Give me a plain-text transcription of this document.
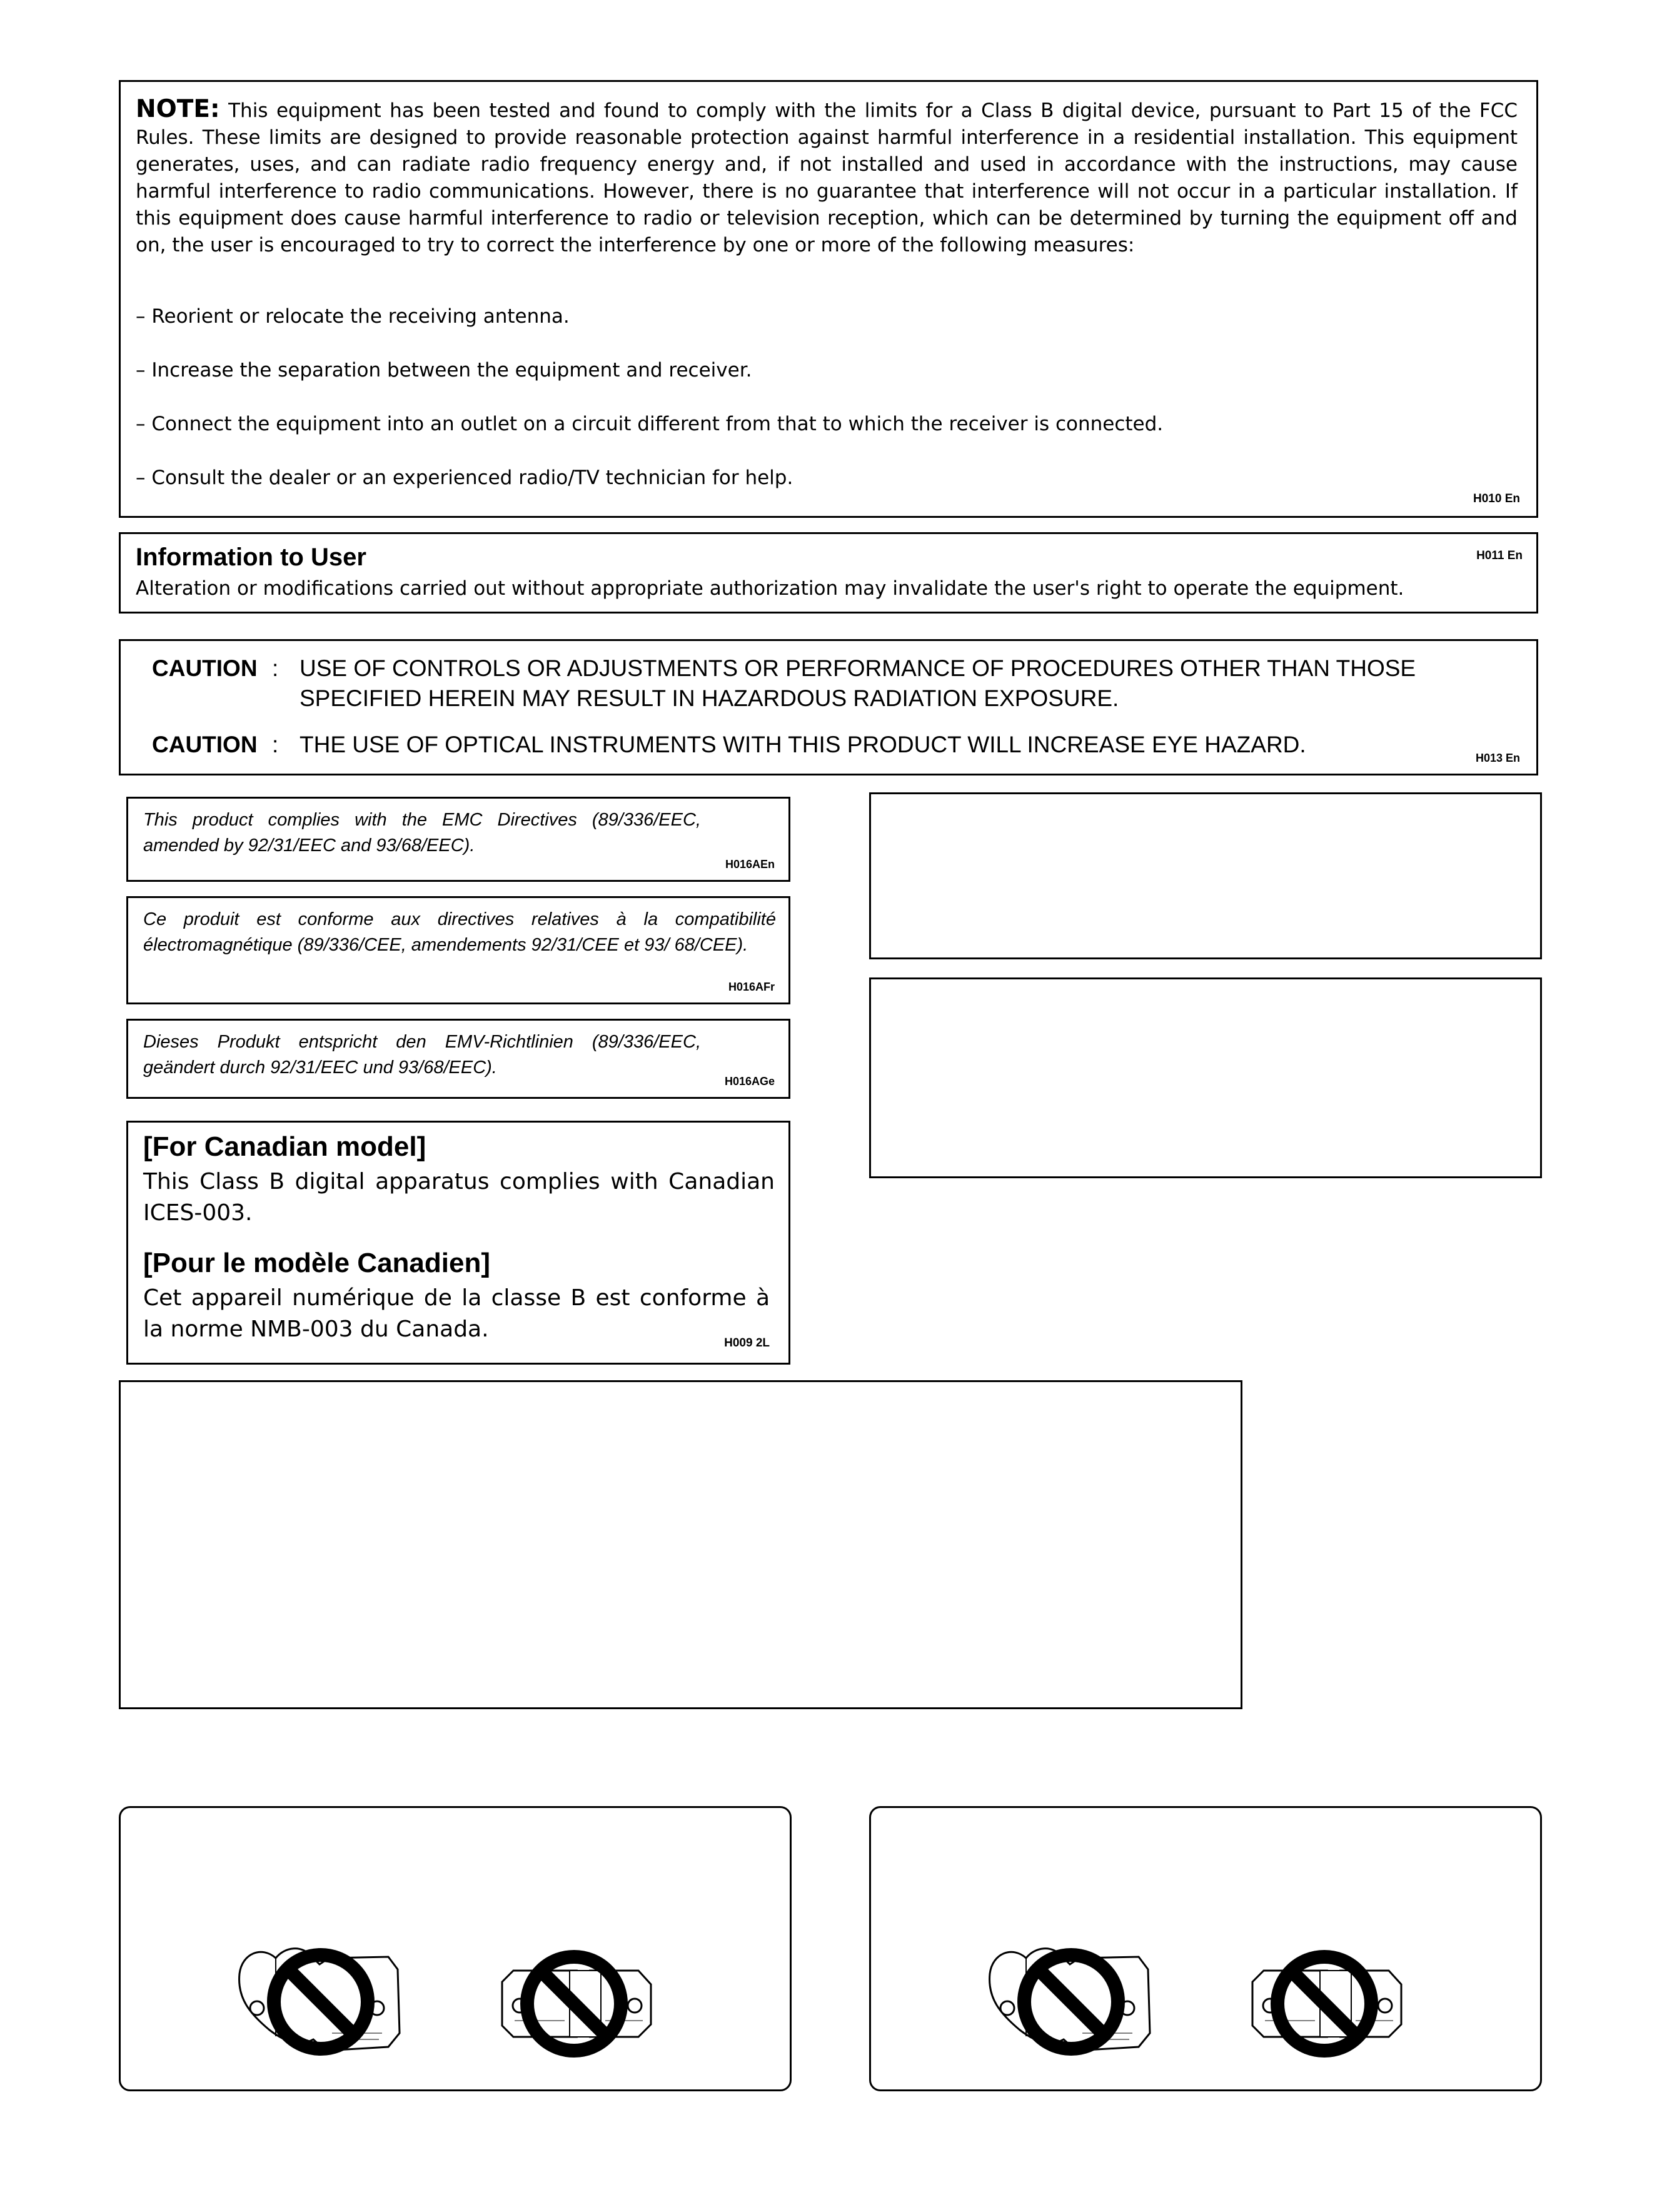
NOTE: This equipment has been tested and found to comply with the limits for a Class B digital device, pursuant to Part 15 of the FCC Rules. These limits are designed to provide reasonable protection against harmful interference in a residential installation. This equipment generates, uses, and can radiate radio frequency energy and, if not installed and used in accordance with the instructions, may cause harmful interference to radio communications. However, there is no guarantee that interference will not occur in a particular installation. If this equipment does cause harmful interference to radio or television reception, which can be determined by turning the equipment off and on, the user is encouraged to try to correct the interference by one or more of the following measures:

– Reorient or relocate the receiving antenna.

– Increase the separation between the equipment and receiver.

– Connect the equipment into an outlet on a circuit different from that to which the receiver is connected.

– Consult the dealer or an experienced radio/TV technician for help.

H010 En
Information to User
Alteration or modifications carried out without appropriate authorization may invalidate the user's right to operate the equipment.
H011 En
CAUTION : USE OF CONTROLS OR ADJUSTMENTS OR PERFORMANCE OF PROCEDURES OTHER THAN THOSE
SPECIFIED HEREIN MAY RESULT IN HAZARDOUS RADIATION EXPOSURE.
CAUTION : THE USE OF OPTICAL INSTRUMENTS WITH THIS PRODUCT WILL INCREASE EYE HAZARD.
H013 En
This product complies with the EMC Directives (89/336/EEC, amended by 92/31/EEC and 93/68/EEC).
H016AEn
Ce produit est conforme aux directives relatives à la compatibilité électromagnétique (89/336/CEE, amendements 92/31/CEE et 93/ 68/CEE).
H016AFr
Dieses Produkt entspricht den EMV-Richtlinien (89/336/EEC, geändert durch 92/31/EEC und 93/68/EEC).
H016AGe
[For Canadian model]
This Class B digital apparatus complies with Canadian ICES-003.
[Pour le modèle Canadien]
Cet appareil numérique de la classe B est conforme à la norme NMB-003 du Canada.
H009 2L
